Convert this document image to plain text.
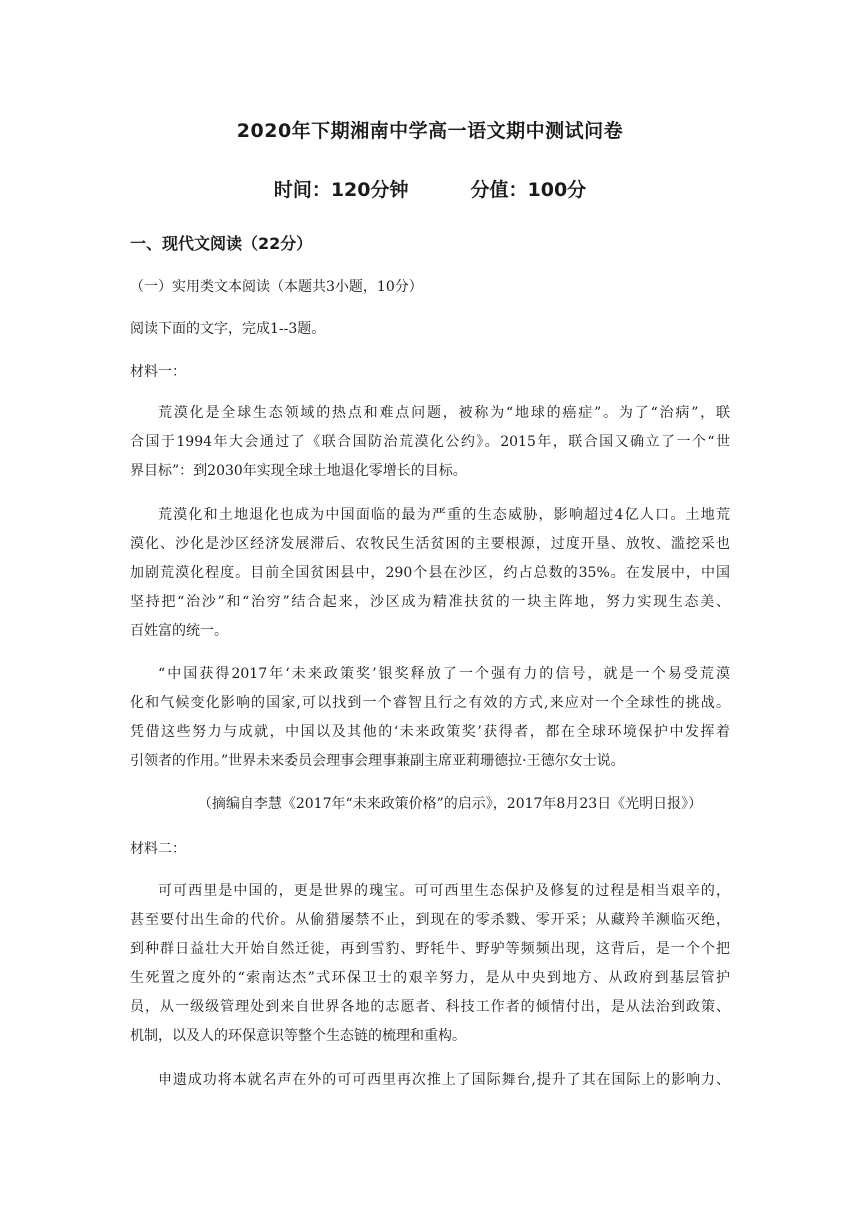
2020年下期湘南中学高一语文期中测试问卷
时间：120分钟	分值：100分
一、现代文阅读（22分）
（一）实用类文本阅读（本题共3小题，10分）
阅读下面的文字，完成1--3题。
材料一：

荒漠化是全球生态领域的热点和难点问题，被称为“地球的癌症”。为了“治病”，联

合国于1994年大会通过了《联合国防治荒漠化公约》。2015年，联合国又确立了一个“世

界目标”：到2030年实现全球土地退化零增长的目标。

荒漠化和土地退化也成为中国面临的最为严重的生态威胁，影响超过4亿人口。土地荒

漠化、沙化是沙区经济发展滞后、农牧民生活贫困的主要根源，过度开垦、放牧、滥挖采也

加剧荒漠化程度。目前全国贫困县中，290个县在沙区，约占总数的35%。在发展中，中国

坚持把“治沙”和“治穷”结合起来，沙区成为精准扶贫的一块主阵地，努力实现生态美、

百姓富的统一。

“中国获得2017年‘未来政策奖’银奖释放了一个强有力的信号，就是一个易受荒漠

化和气候变化影响的国家,可以找到一个睿智且行之有效的方式,来应对一个全球性的挑战。

凭借这些努力与成就，中国以及其他的‘未来政策奖’获得者，都在全球环境保护中发挥着

引领者的作用。”世界未来委员会理事会理事兼副主席亚莉珊德拉·王德尔女士说。

（摘编自李慧《2017年“未来政策价格”的启示》，2017年8月23日《光明日报》）
材料二：

可可西里是中国的，更是世界的瑰宝。可可西里生态保护及修复的过程是相当艰辛的，

甚至要付出生命的代价。从偷猎屡禁不止，到现在的零杀戮、零开采；从藏羚羊濒临灭绝，

到种群日益壮大开始自然迁徙，再到雪豹、野牦牛、野驴等频频出现，这背后，是一个个把

生死置之度外的“索南达杰”式环保卫士的艰辛努力，是从中央到地方、从政府到基层管护

员，从一级级管理处到来自世界各地的志愿者、科技工作者的倾情付出，是从法治到政策、

机制，以及人的环保意识等整个生态链的梳理和重构。

申遗成功将本就名声在外的可可西里再次推上了国际舞台,提升了其在国际上的影响力、
